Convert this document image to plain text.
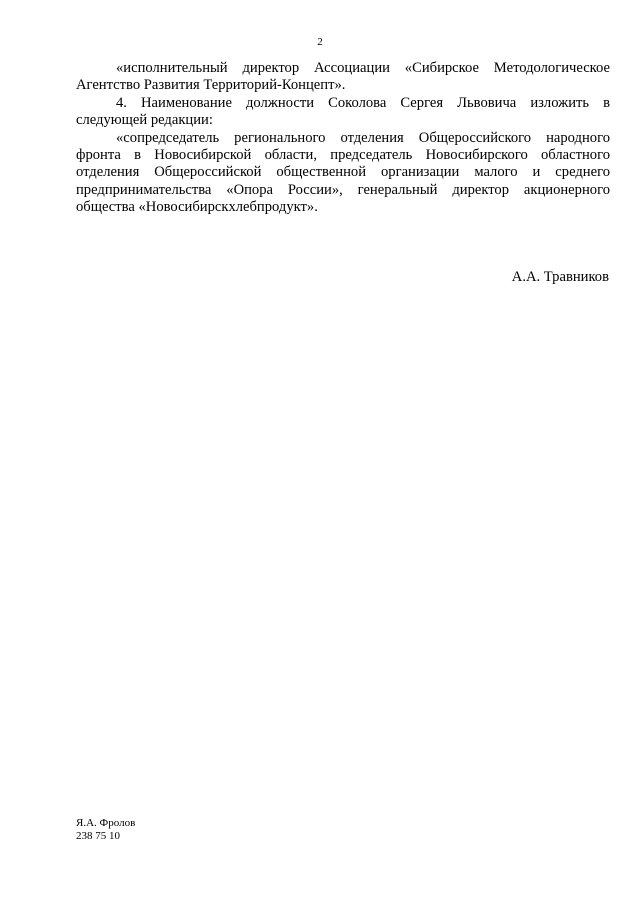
2

«исполнительный директор Ассоциации «Сибирское Методологическое Агентство Развития Территорий-Концепт».

4. Наименование должности Соколова Сергея Львовича изложить в следующей редакции:

«сопредседатель регионального отделения Общероссийского народного фронта в Новосибирской области, председатель Новосибирского областного отделения Общероссийской общественной организации малого и среднего предпринимательства «Опора России», генеральный директор акционерного общества «Новосибирскхлебпродукт».

А.А. Травников
Я.А. Фролов
238 75 10
